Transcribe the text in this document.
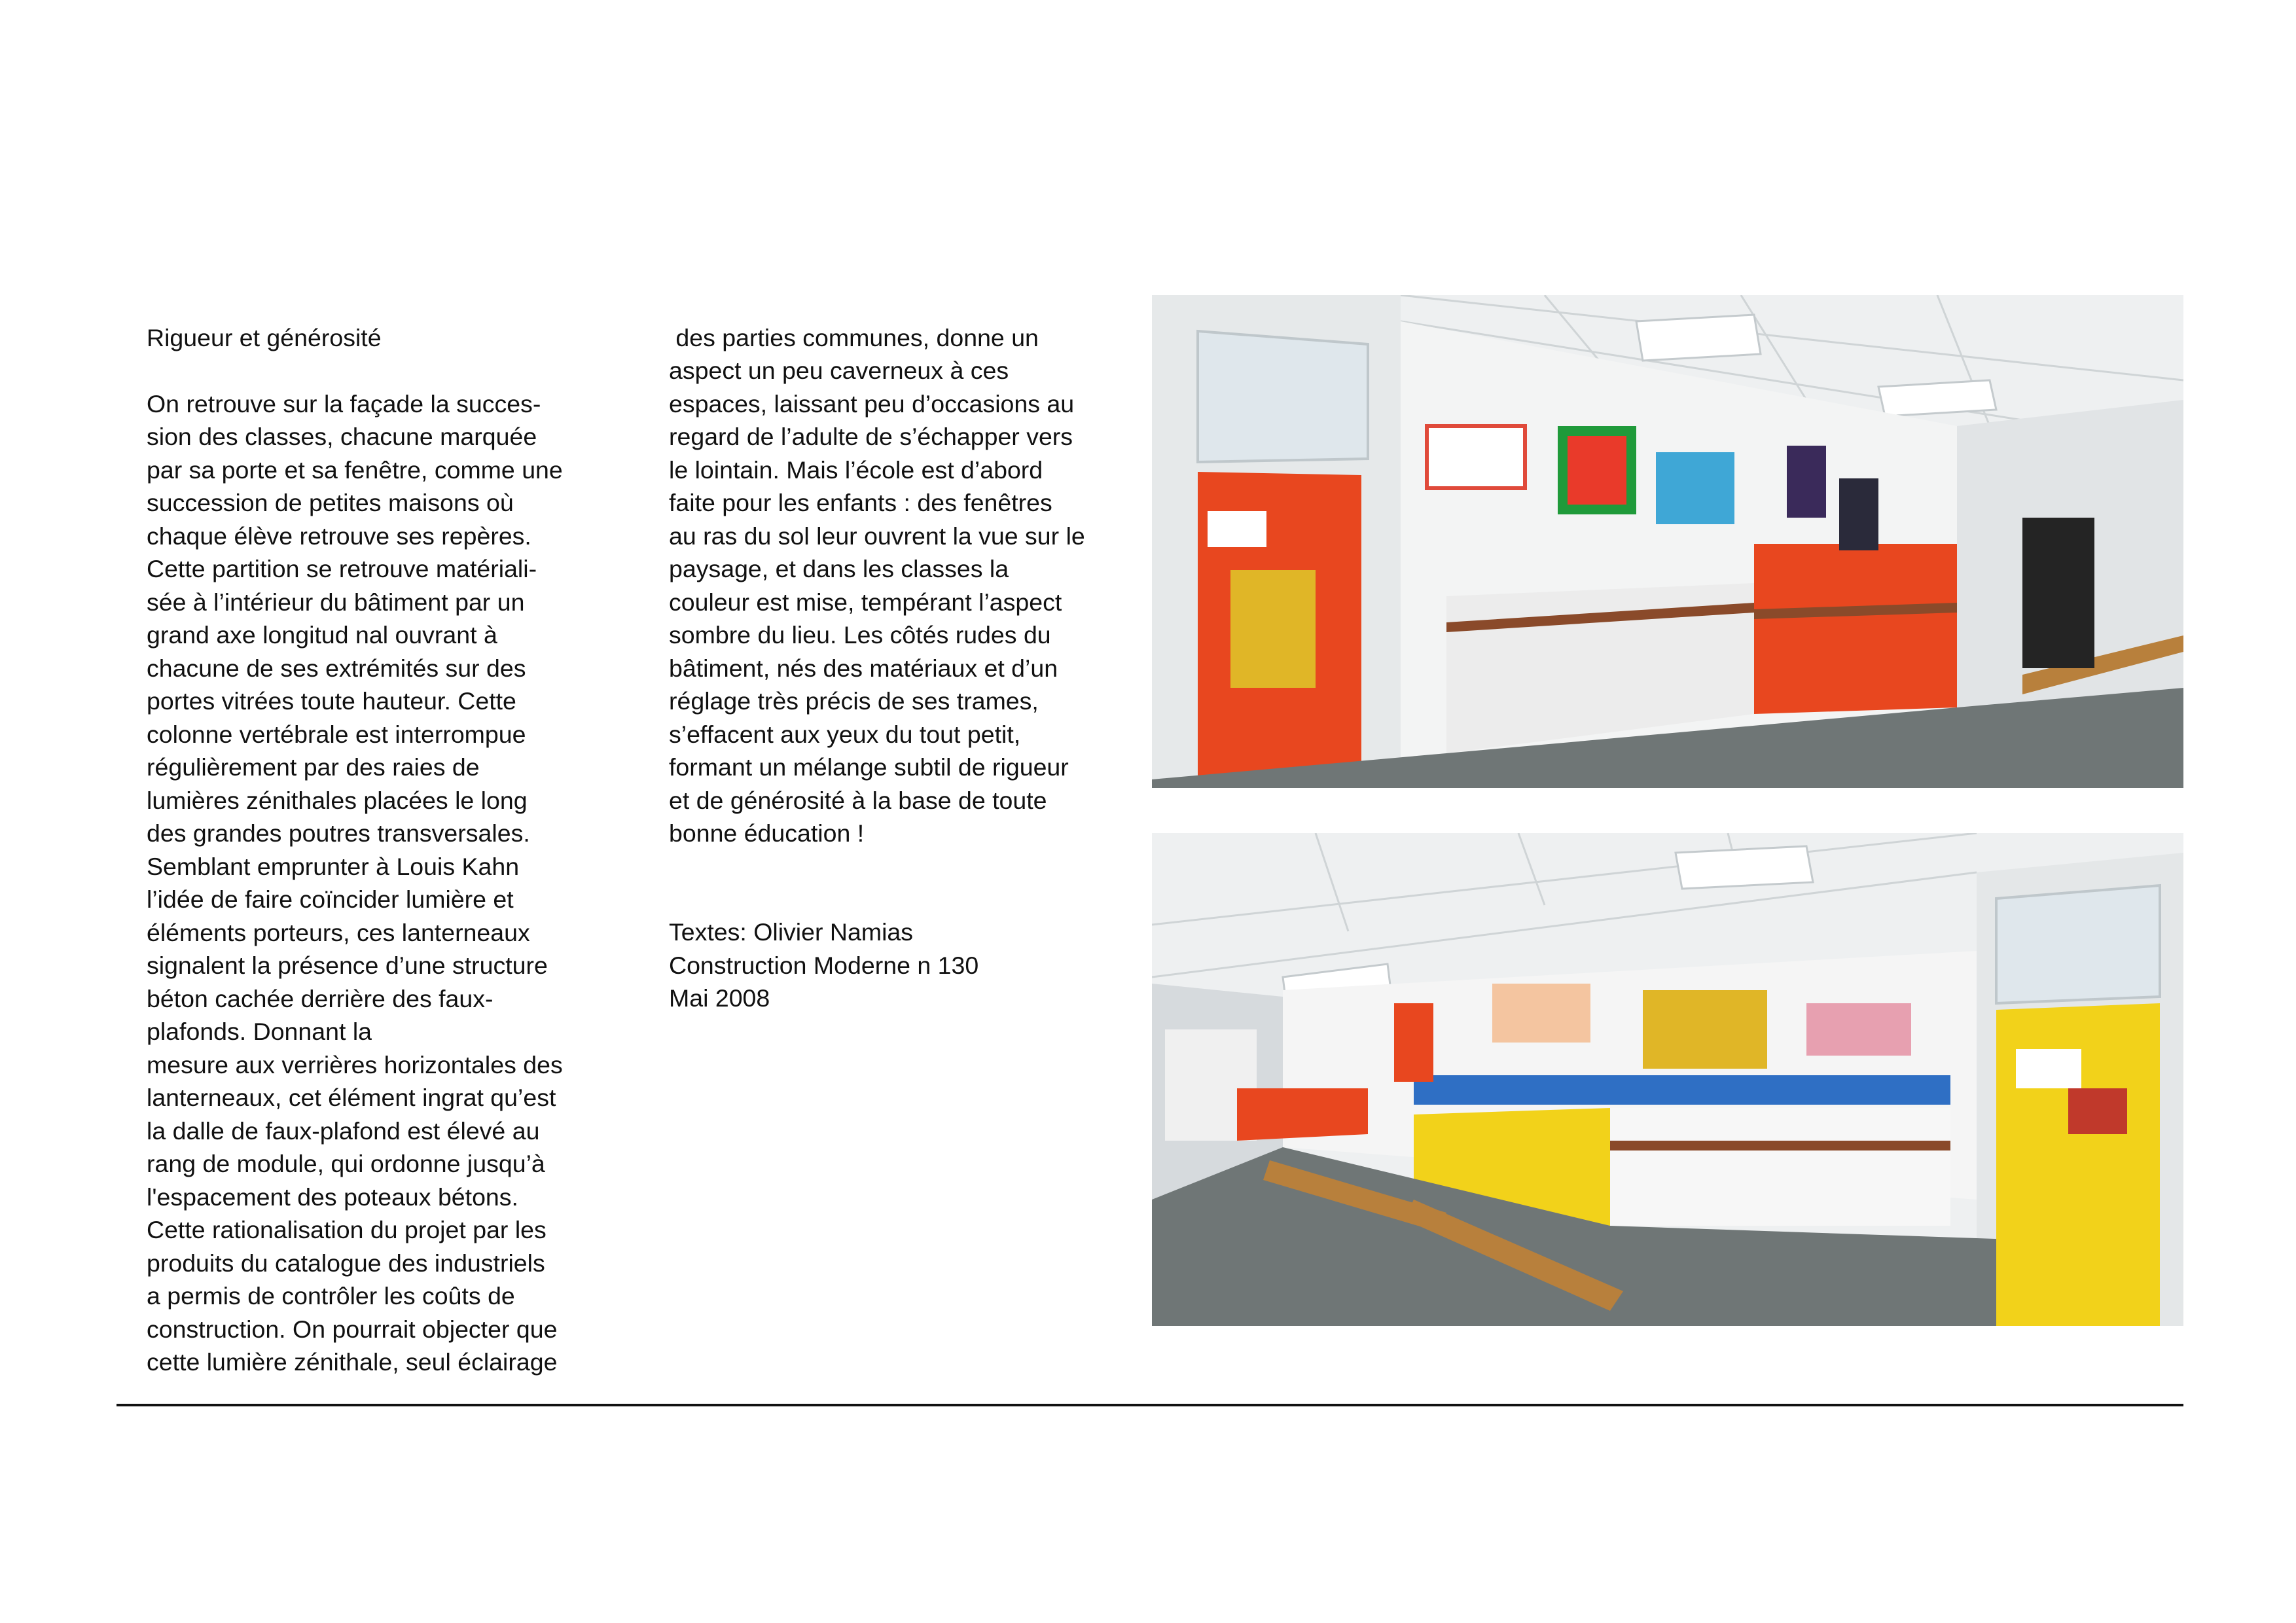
Rigueur et générosité

On retrouve sur la façade la succes-
sion des classes, chacune marquée
par sa porte et sa fenêtre, comme une
succession de petites maisons où
chaque élève retrouve ses repères.
Cette partition se retrouve matériali-
sée à l’intérieur du bâtiment par un
grand axe longitud nal ouvrant à
chacune de ses extrémités sur des
portes vitrées toute hauteur. Cette
colonne vertébrale est interrompue
régulièrement par des raies de
lumières zénithales placées le long
des grandes poutres transversales.
Semblant emprunter à Louis Kahn
l’idée de faire coïncider lumière et
éléments porteurs, ces lanterneaux
signalent la présence d’une structure
béton cachée derrière des faux-
plafonds. Donnant la
mesure aux verrières horizontales des
lanterneaux, cet élément ingrat qu’est
la dalle de faux-plafond est élevé au
rang de module, qui ordonne jusqu’à
l'espacement des poteaux bétons.
Cette rationalisation du projet par les
produits du catalogue des industriels
a permis de contrôler les coûts de
construction. On pourrait objecter que
cette lumière zénithale, seul éclairage

des parties communes, donne un
aspect un peu caverneux à ces
espaces, laissant peu d’occasions au
regard de l’adulte de s’échapper vers
le lointain. Mais l’école est d’abord
faite pour les enfants : des fenêtres
au ras du sol leur ouvrent la vue sur le
paysage, et dans les classes la
couleur est mise, tempérant l’aspect
sombre du lieu. Les côtés rudes du
bâtiment, nés des matériaux et d’un
réglage très précis de ses trames,
s’effacent aux yeux du tout petit,
formant un mélange subtil de rigueur
et de générosité à la base de toute
bonne éducation !

Textes: Olivier Namias
Construction Moderne n 130
Mai 2008
